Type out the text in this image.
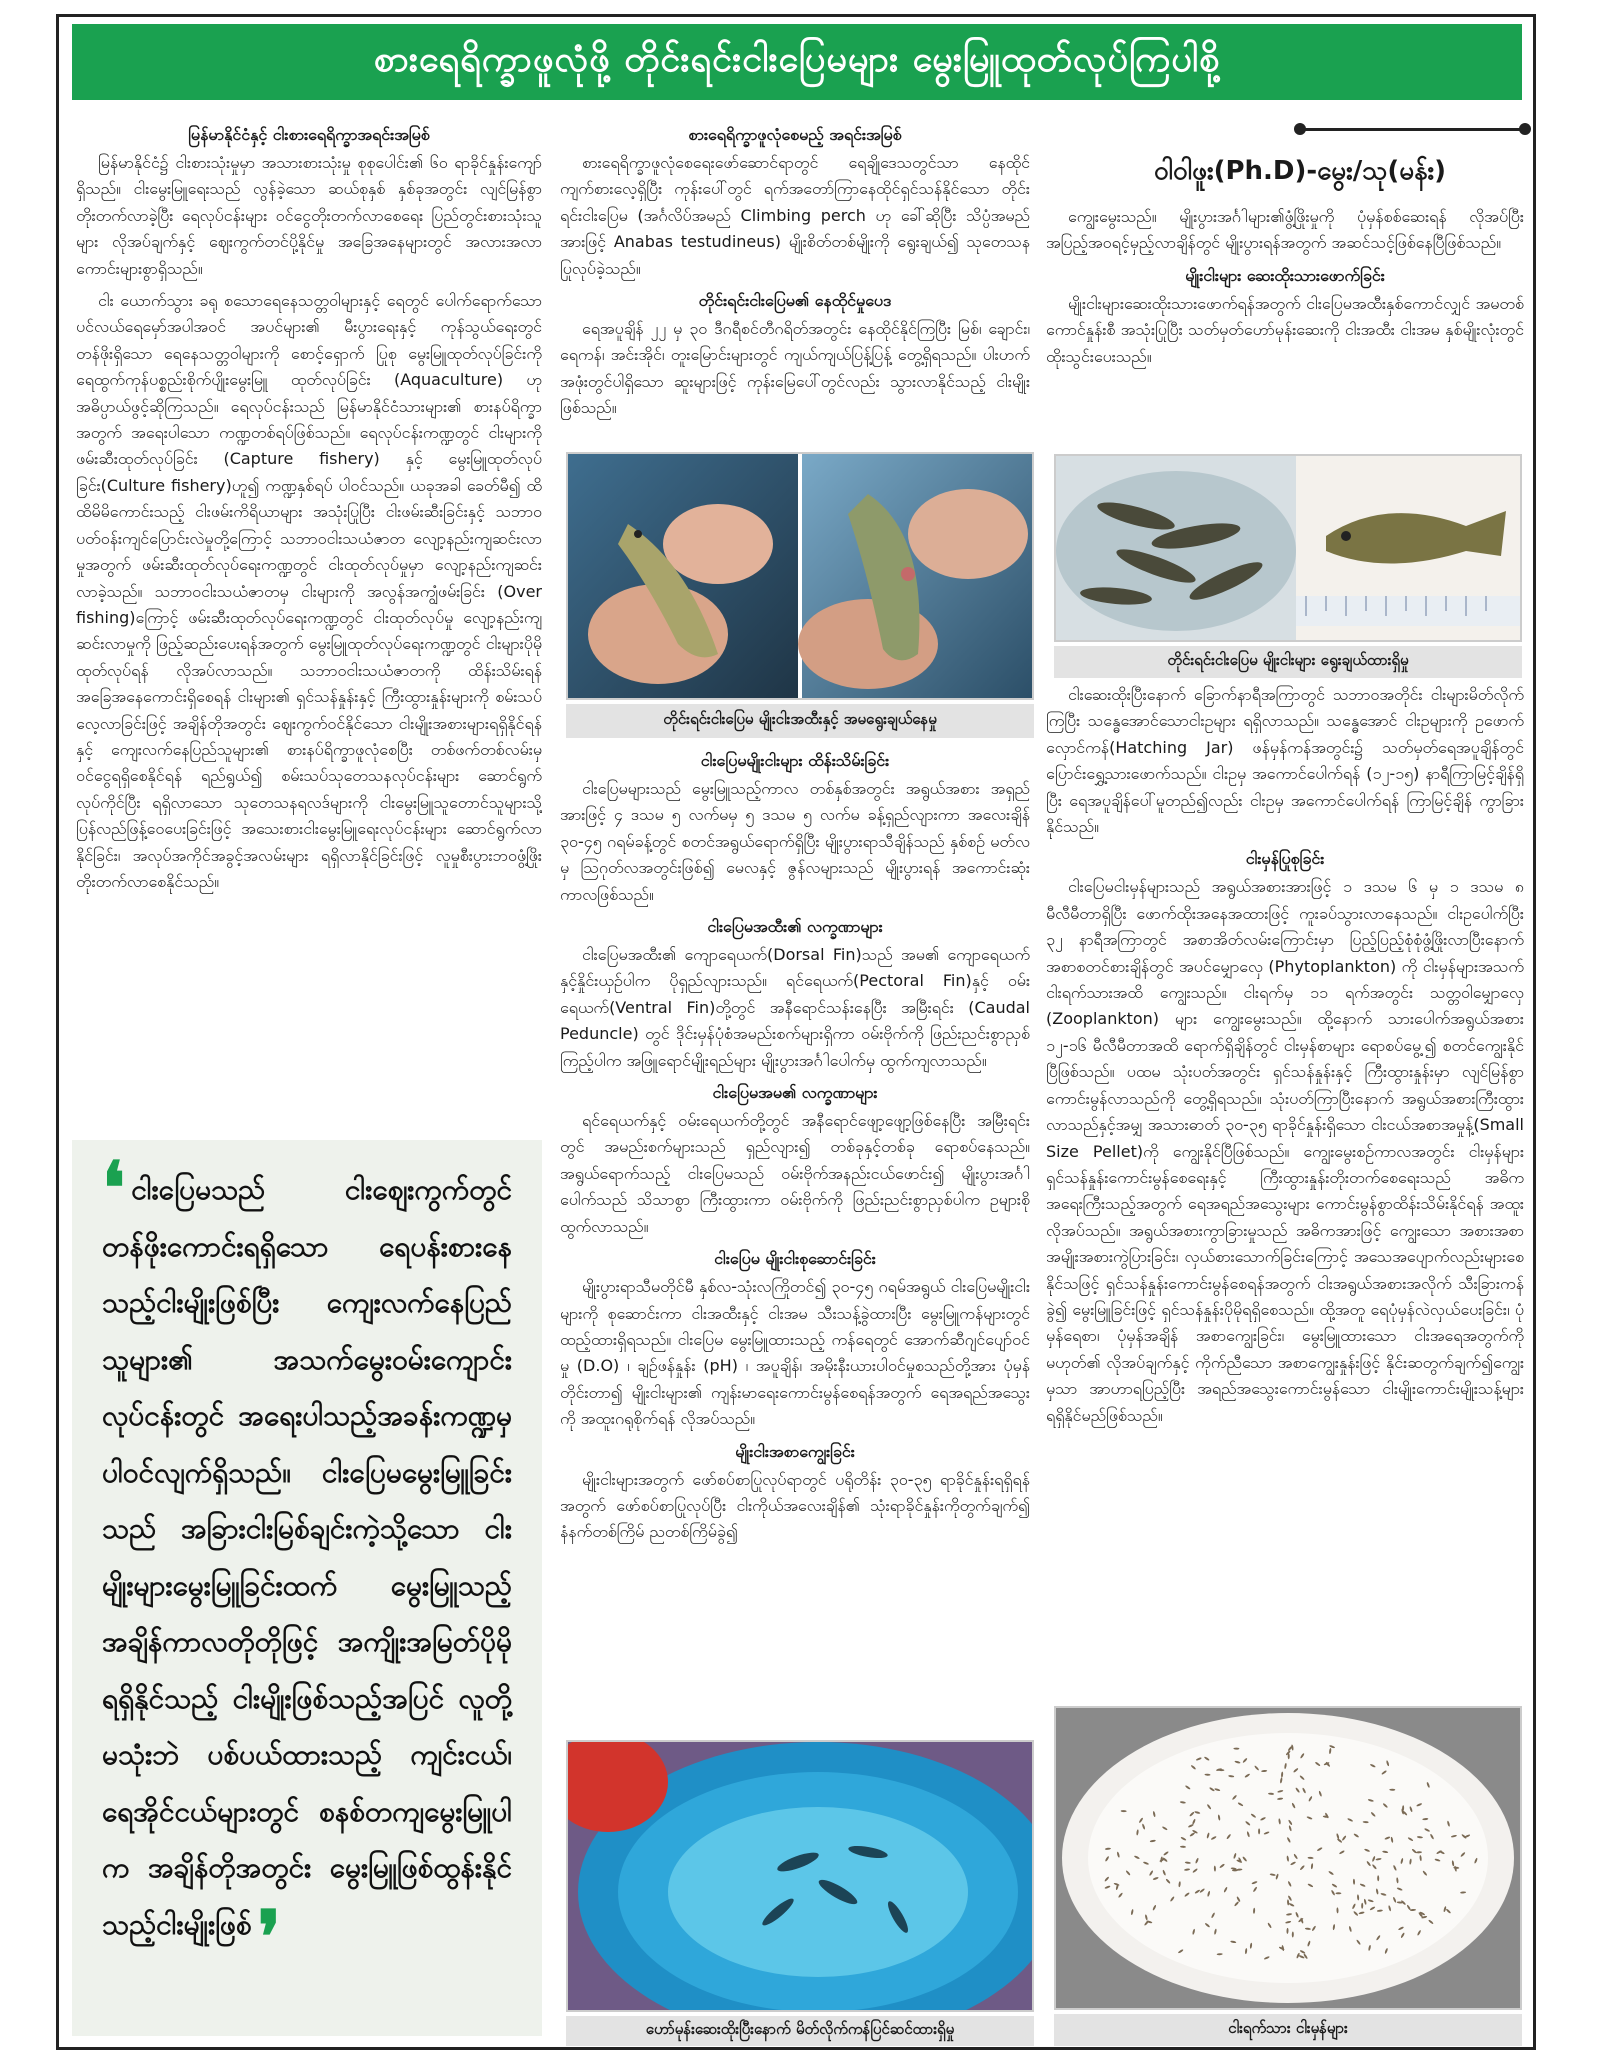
စားရေရိက္ခာဖူလုံဖို့ တိုင်းရင်းငါးပြေမများ မွေးမြူထုတ်လုပ်ကြပါစို့
မြန်မာနိုင်ငံနှင့် ငါးစားရေရိက္ခာအရင်းအမြစ်

မြန်မာနိုင်ငံ၌ ငါးစားသုံးမှုမှာ အသားစားသုံးမှု စုစုပေါင်း၏ ၆ဝ ရာခိုင်နှုန်းကျော်ရှိသည်။ ငါးမွေးမြူရေးသည် လွန်ခဲ့သော ဆယ်စုနှစ် နှစ်ခုအတွင်း လျင်မြန်စွာတိုးတက်လာခဲ့ပြီး ရေလုပ်ငန်းများ ဝင်ငွေတိုးတက်လာစေရေး ပြည်တွင်းစားသုံးသူများ လိုအပ်ချက်နှင့် ဈေးကွက်တင်ပို့နိုင်မှု အခြေအနေများတွင် အလားအလာကောင်းများစွာရှိသည်။

ငါး ယောက်သွား ခရု စသောရေနေသတ္တဝါများနှင့် ရေတွင် ပေါက်ရောက်သော ပင်လယ်ရေမှော်အပါအဝင် အပင်များ၏ မီးပွားရေးနှင့် ကုန်သွယ်ရေးတွင် တန်ဖိုးရှိသော ရေနေသတ္တဝါများကို စောင့်ရှောက် ပြုစု မွေးမြူထုတ်လုပ်ခြင်းကို ရေထွက်ကုန်ပစ္စည်းစိုက်ပျိုးမွေးမြူ ထုတ်လုပ်ခြင်း (Aquaculture) ဟု အဓိပ္ပာယ်ဖွင့်ဆိုကြသည်။ ရေလုပ်ငန်းသည် မြန်မာနိုင်ငံသားများ၏ စားနပ်ရိက္ခာအတွက် အရေးပါသော ကဏ္ဍတစ်ရပ်ဖြစ်သည်။ ရေလုပ်ငန်းကဏ္ဍတွင် ငါးများကို ဖမ်းဆီးထုတ်လုပ်ခြင်း (Capture fishery) နှင့် မွေးမြူထုတ်လုပ်ခြင်း(Culture fishery)ဟူ၍ ကဏ္ဍနှစ်ရပ် ပါဝင်သည်။ ယခုအခါ ခေတ်မီ၍ ထိထိမိမိကောင်းသည့် ငါးဖမ်းကိရိယာများ အသုံးပြုပြီး ငါးဖမ်းဆီးခြင်းနှင့် သဘာဝပတ်ဝန်းကျင်ပြောင်းလဲမှုတို့ကြောင့် သဘာဝငါးသယံဇာတ လျော့နည်းကျဆင်းလာမှုအတွက် ဖမ်းဆီးထုတ်လုပ်ရေးကဏ္ဍတွင် ငါးထုတ်လုပ်မှုမှာ လျော့နည်းကျဆင်းလာခဲ့သည်။ သဘာဝငါးသယံဇာတမှ ငါးများကို အလွန်အကျွံဖမ်းခြင်း (Over fishing)ကြောင့် ဖမ်းဆီးထုတ်လုပ်ရေးကဏ္ဍတွင် ငါးထုတ်လုပ်မှု လျော့နည်းကျဆင်းလာမှုကို ဖြည့်ဆည်းပေးရန်အတွက် မွေးမြူထုတ်လုပ်ရေးကဏ္ဍတွင် ငါးများပိုမိုထုတ်လုပ်ရန် လိုအပ်လာသည်။ သဘာဝငါးသယံဇာတကို ထိန်းသိမ်းရန် အခြေအနေကောင်းရှိစေရန် ငါးများ၏ ရှင်သန်နှုန်းနှင့် ကြီးထွားနှုန်းများကို စမ်းသပ်လေ့လာခြင်းဖြင့် အချိန်တိုအတွင်း ဈေးကွက်ဝင်နိုင်သော ငါးမျိုးအစားများရရှိနိုင်ရန်နှင့် ကျေးလက်နေပြည်သူများ၏ စားနပ်ရိက္ခာဖူလုံစေပြီး တစ်ဖက်တစ်လမ်းမှ ဝင်ငွေရရှိစေနိုင်ရန် ရည်ရွယ်၍ စမ်းသပ်သုတေသနလုပ်ငန်းများ ဆောင်ရွက်လုပ်ကိုင်ပြီး ရရှိလာသော သုတေသနရလဒ်များကို ငါးမွေးမြူသူတောင်သူများသို့ ပြန်လည်ဖြန့်ဝေပေးခြင်းဖြင့် အသေးစားငါးမွေးမြူရေးလုပ်ငန်းများ ဆောင်ရွက်လာနိုင်ခြင်း၊ အလုပ်အကိုင်အခွင့်အလမ်းများ ရရှိလာနိုင်ခြင်းဖြင့် လူမှုစီးပွားဘဝဖွံ့ဖြိုးတိုးတက်လာစေနိုင်သည်။

❛ ငါးပြေမသည် ငါးဈေးကွက်တွင် တန်ဖိုးကောင်းရရှိသော ရေပန်းစားနေသည့်ငါးမျိုးဖြစ်ပြီး ကျေးလက်နေပြည်သူများ၏ အသက်မွေးဝမ်းကျောင်းလုပ်ငန်းတွင် အရေးပါသည့်အခန်းကဏ္ဍမှ ပါဝင်လျက်ရှိသည်။ ငါးပြေမမွေးမြူခြင်းသည် အခြားငါးမြစ်ချင်းကဲ့သို့သော ငါးမျိုးများမွေးမြူခြင်းထက် မွေးမြူသည့်အချိန်ကာလတိုတိုဖြင့် အကျိုးအမြတ်ပိုမိုရရှိနိုင်သည့် ငါးမျိုးဖြစ်သည့်အပြင် လူတို့မသုံးဘဲ ပစ်ပယ်ထားသည့် ကျင်းငယ်၊ ရေအိုင်ငယ်များတွင် စနစ်တကျမွေးမြူပါက အချိန်တိုအတွင်း မွေးမြူဖြစ်ထွန်းနိုင်သည့်ငါးမျိုးဖြစ်❜

စားရေရိက္ခာဖူလုံစေမည့် အရင်းအမြစ်

စားရေရိက္ခာဖူလုံစေရေးဖော်ဆောင်ရာတွင် ရေချိုဒေသတွင်သာ နေထိုင်ကျက်စားလေ့ရှိပြီး ကုန်းပေါ်တွင် ရက်အတော်ကြာနေထိုင်ရှင်သန်နိုင်သော တိုင်းရင်းငါးပြေမ (အင်္ဂလိပ်အမည် Climbing perch ဟု ခေါ်ဆိုပြီး သိပ္ပံအမည်အားဖြင့် Anabas testudineus) မျိုးစိတ်တစ်မျိုးကို ရွေးချယ်၍ သုတေသနပြုလုပ်ခဲ့သည်။

တိုင်းရင်းငါးပြေမ၏ နေထိုင်မှုပေဒ

ရေအပူချိန် ၂၂ မှ ၃၀ ဒီဂရီစင်တီဂရိတ်အတွင်း နေထိုင်နိုင်ကြပြီး မြစ်၊ ချောင်း၊ ရေကန်၊ အင်းအိုင်၊ တူးမြောင်းများတွင် ကျယ်ကျယ်ပြန့်ပြန့် တွေ့ရှိရသည်။ ပါးဟက်အဖုံးတွင်ပါရှိသော ဆူးများဖြင့် ကုန်းမြေပေါ်တွင်လည်း သွားလာနိုင်သည့် ငါးမျိုးဖြစ်သည်။

တိုင်းရင်းငါးပြေမ မျိုးငါးအထီးနှင့် အမရွေးချယ်နေမှု
ငါးပြေမမျိုးငါးများ ထိန်းသိမ်းခြင်း

ငါးပြေမများသည် မွေးမြူသည့်ကာလ တစ်နှစ်အတွင်း အရွယ်အစား အရှည်အားဖြင့် ၄ ဒသမ ၅ လက်မမှ ၅ ဒသမ ၅ လက်မ ခန့်ရှည်လျားကာ အလေးချိန် ၃ဝ-၄၅ ဂရမ်ခန့်တွင် စတင်အရွယ်ရောက်ရှိပြီး မျိုးပွားရာသီချိန်သည် နှစ်စဉ် မတ်လမှ ဩဂုတ်လအတွင်းဖြစ်၍ မေလနှင့် ဇွန်လများသည် မျိုးပွားရန် အကောင်းဆုံးကာလဖြစ်သည်။

ငါးပြေမအထီး၏ လက္ခဏာများ

ငါးပြေမအထီး၏ ကျောရေယက်(Dorsal Fin)သည် အမ၏ ကျောရေယက်နှင့်နှိုင်းယှဉ်ပါက ပိုရှည်လျားသည်။ ရင်ရေယက်(Pectoral Fin)နှင့် ဝမ်းရေယက်(Ventral Fin)တို့တွင် အနီရောင်သန်းနေပြီး အမြီးရင်း (Caudal Peduncle) တွင် ဒိုင်းမှန်ပုံစံအမည်းစက်များရှိကာ ဝမ်းဗိုက်ကို ဖြည်းညင်းစွာညှစ်ကြည့်ပါက အဖြူရောင်မျိုးရည်များ မျိုးပွားအင်္ဂါပေါက်မှ ထွက်ကျလာသည်။

ငါးပြေမအမ၏ လက္ခဏာများ

ရင်ရေယက်နှင့် ဝမ်းရေယက်တို့တွင် အနီရောင်ဖျော့ဖျော့ဖြစ်နေပြီး အမြီးရင်းတွင် အမည်းစက်များသည် ရှည်လျား၍ တစ်ခုနှင့်တစ်ခု ရောစပ်နေသည်။ အရွယ်ရောက်သည့် ငါးပြေမသည် ဝမ်းဗိုက်အနည်းငယ်ဖောင်း၍ မျိုးပွားအင်္ဂါပေါက်သည် သိသာစွာ ကြီးထွားကာ ဝမ်းဗိုက်ကို ဖြည်းညင်းစွာညှစ်ပါက ဥများစိုထွက်လာသည်။

ငါးပြေမ မျိုးငါးစုဆောင်းခြင်း

မျိုးပွားရာသီမတိုင်မီ နှစ်လ-သုံးလကြိုတင်၍ ၃ဝ-၄၅ ဂရမ်အရွယ် ငါးပြေမမျိုးငါးများကို စုဆောင်းကာ ငါးအထီးနှင့် ငါးအမ သီးသန့်ခွဲထားပြီး မွေးမြူကန်များတွင် ထည့်ထားရှိရသည်။ ငါးပြေမ မွေးမြူထားသည့် ကန်ရေတွင် အောက်ဆီဂျင်ပျော်ဝင်မှု (D.O) ၊ ချဉ်ဖန်နှုန်း (pH) ၊ အပူချိန်၊ အမိုးနီးယားပါဝင်မှုစသည်တို့အား ပုံမှန်တိုင်းတာ၍ မျိုးငါးများ၏ ကျန်းမာရေးကောင်းမွန်စေရန်အတွက် ရေအရည်အသွေးကို အထူးဂရုစိုက်ရန် လိုအပ်သည်။

မျိုးငါးအစာကျွေးခြင်း

မျိုးငါးများအတွက် ဖော်စပ်စာပြုလုပ်ရာတွင် ပရိုတိန်း ၃ဝ-၃၅ ရာခိုင်နှုန်းရရှိရန်အတွက် ဖော်စပ်စာပြုလုပ်ပြီး ငါးကိုယ်အလေးချိန်၏ သုံးရာခိုင်နှုန်းကိုတွက်ချက်၍ နံနက်တစ်ကြိမ် ညတစ်ကြိမ်ခွဲ၍

ဟော်မုန်းဆေးထိုးပြီးနောက် မိတ်လိုက်ကန်ပြင်ဆင်ထားရှိမှု
ဝါဝါဖူး(Ph.D)-မွေး/သု(မန်း)

ကျွေးမွေးသည်။ မျိုးပွားအင်္ဂါများ၏ဖွံ့ဖြိုးမှုကို ပုံမှန်စစ်ဆေးရန် လိုအပ်ပြီး အပြည့်အဝရင့်မှည့်လာချိန်တွင် မျိုးပွားရန်အတွက် အဆင်သင့်ဖြစ်နေပြီဖြစ်သည်။

မျိုးငါးများ ဆေးထိုးသားဖောက်ခြင်း

မျိုးငါးများဆေးထိုးသားဖောက်ရန်အတွက် ငါးပြေမအထီးနှစ်ကောင်လျှင် အမတစ်ကောင်နှုန်းစီ အသုံးပြုပြီး သတ်မှတ်ဟော်မုန်းဆေးကို ငါးအထီး ငါးအမ နှစ်မျိုးလုံးတွင် ထိုးသွင်းပေးသည်။

တိုင်းရင်းငါးပြေမ မျိုးငါးများ ရွေးချယ်ထားရှိမှု

ငါးဆေးထိုးပြီးနောက် ခြောက်နာရီအကြာတွင် သဘာဝအတိုင်း ငါးများမိတ်လိုက်ကြပြီး သန္ဓေအောင်သောငါးဥများ ရရှိလာသည်။ သန္ဓေအောင် ငါးဥများကို ဥဖောက်လှောင်ကန်(Hatching Jar) ဖန်မှန်ကန်အတွင်း၌ သတ်မှတ်ရေအပူချိန်တွင် ပြောင်းရွှေ့သားဖောက်သည်။ ငါးဥမှ အကောင်ပေါက်ရန် (၁၂-၁၅) နာရီကြာမြင့်ချိန်ရှိပြီး ရေအပူချိန်ပေါ်မူတည်၍လည်း ငါးဥမှ အကောင်ပေါက်ရန် ကြာမြင့်ချိန် ကွာခြားနိုင်သည်။

ငါးမှန်ပြုစုခြင်း

ငါးပြေမငါးမှန်များသည် အရွယ်အစားအားဖြင့် ၁ ဒသမ ၆ မှ ၁ ဒသမ ၈ မီလီမီတာရှိပြီး ဖောက်ထိုးအနေအထားဖြင့် ကူးခပ်သွားလာနေသည်။ ငါးဥပေါက်ပြီး ၃၂ နာရီအကြာတွင် အစာအိတ်လမ်းကြောင်းမှာ ပြည့်ပြည့်စုံစုံဖွံ့ဖြိုးလာပြီးနောက် အစာစတင်စားချိန်တွင် အပင်မျှောလှေ (Phytoplankton) ကို ငါးမှန်များအသက် ငါးရက်သားအထိ ကျွေးသည်။ ငါးရက်မှ ၁၁ ရက်အတွင်း သတ္တဝါမျှောလှေ (Zooplankton) များ ကျွေးမွေးသည်။ ထို့နောက် သားပေါက်အရွယ်အစား ၁၂-၁၆ မီလီမီတာအထိ ရောက်ရှိချိန်တွင် ငါးမှန်စာများ ရောစပ်မွေ့၍ စတင်ကျွေးနိုင်ပြီဖြစ်သည်။ ပထမ သုံးပတ်အတွင်း ရှင်သန်နှုန်းနှင့် ကြီးထွားနှုန်းမှာ လျင်မြန်စွာ ကောင်းမွန်လာသည်ကို တွေ့ရှိရသည်။ သုံးပတ်ကြာပြီးနောက် အရွယ်အစားကြီးထွားလာသည်နှင့်အမျှ အသားဓာတ် ၃ဝ-၃၅ ရာခိုင်နှုန်းရှိသော ငါးငယ်အစာအမှုန့်(Small Size Pellet)ကို ကျွေးနိုင်ပြီဖြစ်သည်။ ကျွေးမွေးစဉ်ကာလအတွင်း ငါးမှန်များ ရှင်သန်နှုန်းကောင်းမွန်စေရေးနှင့် ကြီးထွားနှုန်းတိုးတက်စေရေးသည် အဓိကအရေးကြီးသည့်အတွက် ရေအရည်အသွေးများ ကောင်းမွန်စွာထိန်းသိမ်းနိုင်ရန် အထူးလိုအပ်သည်။ အရွယ်အစားကွာခြားမှုသည် အဓိကအားဖြင့် ကျွေးသော အစားအစာ အမျိုးအစားကွဲပြားခြင်း၊ လှယ်စားသောက်ခြင်းကြောင့် အသေအပျောက်လည်းများစေနိုင်သဖြင့် ရှင်သန်နှုန်းကောင်းမွန်စေရန်အတွက် ငါးအရွယ်အစားအလိုက် သီးခြားကန်ခွဲ၍ မွေးမြူခြင်းဖြင့် ရှင်သန်နှုန်းပိုမိုရရှိစေသည်။ ထို့အတူ ရေပုံမှန်လဲလှယ်ပေးခြင်း၊ ပုံမှန်ရေစာ၊ ပုံမှန်အချိန် အစာကျွေးခြင်း၊ မွေးမြူထားသော ငါးအရေအတွက်ကိုမဟုတ်၏ လိုအပ်ချက်နှင့် ကိုက်ညီသော အစာကျွေးနှုန်းဖြင့် နိုင်းဆတွက်ချက်၍ကျွေးမှသာ အာဟာရပြည့်ပြီး အရည်အသွေးကောင်းမွန်သော ငါးမျိုးကောင်းမျိုးသန့်များ ရရှိနိုင်မည်ဖြစ်သည်။

ငါးရက်သား ငါးမှန်များ
